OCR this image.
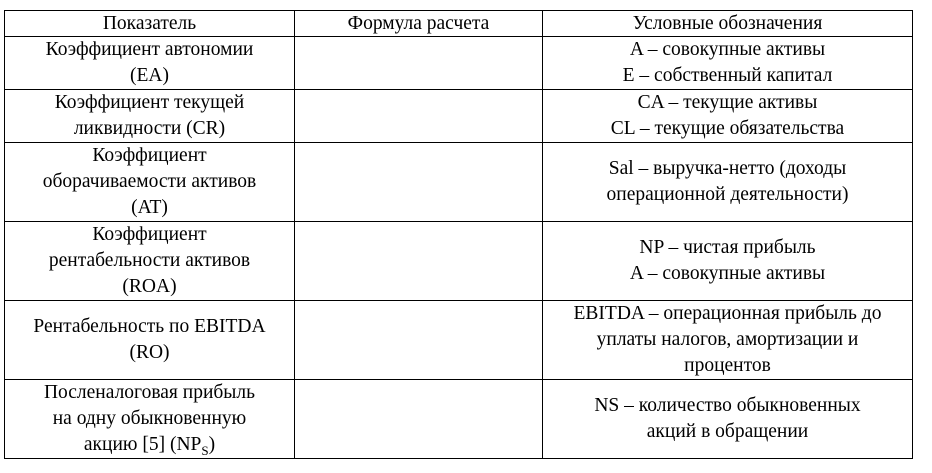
Показатель	Формула расчета	Условные обозначения

Коэффициент автономии
(EA)		A – совокупные активы
E – собственный капитал

Коэффициент текущей
ликвидности (CR)		CA – текущие активы
CL – текущие обязательства

Коэффициент
оборачиваемости активов
(AT)		Sal – выручка-нетто (доходы
операционной деятельности)

Коэффициент
рентабельности активов
(ROA)		NP – чистая прибыль
A – совокупные активы

Рентабельность по EBITDA
(RO)		EBITDA – операционная прибыль до
уплаты налогов, амортизации и
процентов

Посленалоговая прибыль
на одну обыкновенную
акцию [5] $(NP_S)$		NS – количество обыкновенных
акций в обращении
